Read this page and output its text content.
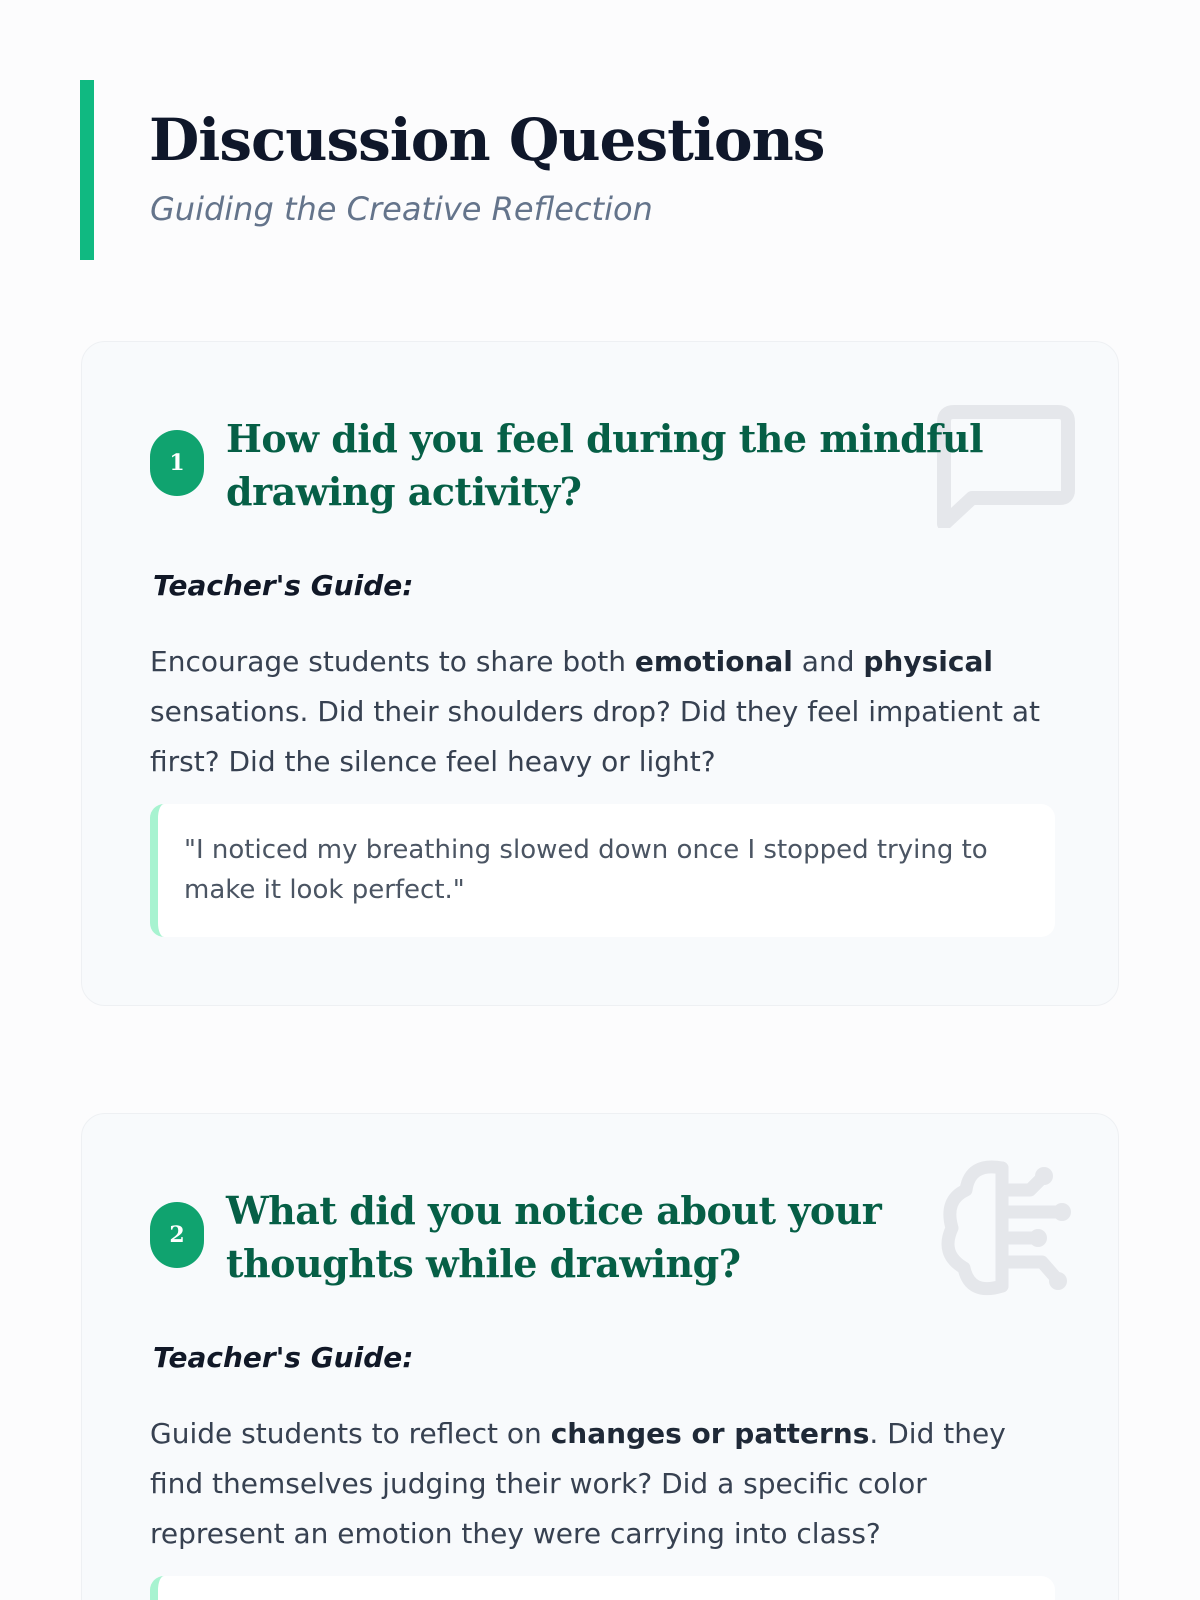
Discussion Questions

Guiding the Creative Reflection

1
How did you feel during the mindful drawing activity?

Teacher's Guide:

Encourage students to share both emotional and physical sensations. Did their shoulders drop? Did they feel impatient at first? Did the silence feel heavy or light?

"I noticed my breathing slowed down once I stopped trying to make it look perfect."

2
What did you notice about your thoughts while drawing?

Teacher's Guide:

Guide students to reflect on changes or patterns. Did they find themselves judging their work? Did a specific color represent an emotion they were carrying into class?
